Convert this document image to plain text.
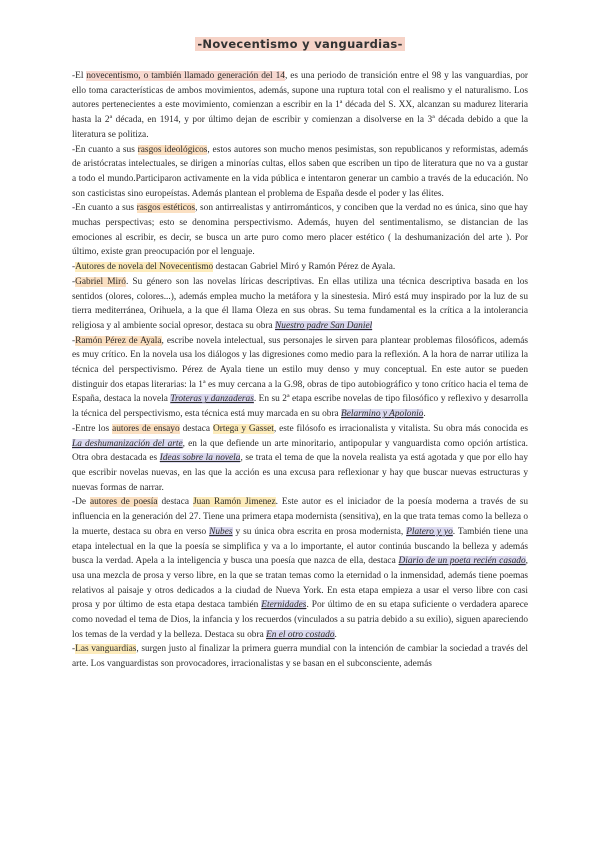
-Novecentismo y vanguardias-

-El novecentismo, o también llamado generación del 14, es una periodo de transición entre el 98 y las vanguardias, por ello toma características de ambos movimientos, además, supone una ruptura total con el realismo y el naturalismo. Los autores pertenecientes a este movimiento, comienzan a escribir en la 1ª década del S. XX, alcanzan su madurez literaria hasta la 2ª década, en 1914, y por último dejan de escribir y comienzan a disolverse en la 3ª década debido a que la literatura se politiza.

-En cuanto a sus rasgos ideológicos, estos autores son mucho menos pesimistas, son republicanos y reformistas, además de aristócratas intelectuales, se dirigen a minorías cultas, ellos saben que escriben un tipo de literatura que no va a gustar a todo el mundo.Participaron activamente en la vida pública e intentaron generar un cambio a través de la educación. No son casticistas sino europeístas. Además plantean el problema de España desde el poder y las élites.

-En cuanto a sus rasgos estéticos, son antirrealistas y antirrománticos, y conciben que la verdad no es única, sino que hay muchas perspectivas; esto se denomina perspectivismo. Además, huyen del sentimentalismo, se distancian de las emociones al escribir, es decir, se busca un arte puro como mero placer estético ( la deshumanización del arte ). Por último, existe gran preocupación por el lenguaje.

-Autores de novela del Novecentismo destacan Gabriel Miró y Ramón Pérez de Ayala.

-Gabriel Miró. Su género son las novelas líricas descriptivas. En ellas utiliza una técnica descriptiva basada en los sentidos (olores, colores...), además emplea mucho la metáfora y la sinestesia. Miró está muy inspirado por la luz de su tierra mediterránea, Orihuela, a la que él llama Oleza en sus obras. Su tema fundamental es la crítica a la intolerancia religiosa y al ambiente social opresor, destaca su obra Nuestro padre San Daniel

-Ramón Pérez de Ayala, escribe novela intelectual, sus personajes le sirven para plantear problemas filosóficos, además es muy crítico. En la novela usa los diálogos y las digresiones como medio para la reflexión. A la hora de narrar utiliza la técnica del perspectivismo. Pérez de Ayala tiene un estilo muy denso y muy conceptual. En este autor se pueden distinguir dos etapas literarias: la 1ª es muy cercana a la G.98, obras de tipo autobiográfico y tono crítico hacia el tema de España, destaca la novela Troteras y danzaderas. En su 2ª etapa escribe novelas de tipo filosófico y reflexivo y desarrolla la técnica del perspectivismo, esta técnica está muy marcada en su obra Belarmino y Apolonio.

-Entre los autores de ensayo destaca Ortega y Gasset, este filósofo es irracionalista y vitalista. Su obra más conocida es La deshumanización del arte, en la que defiende un arte minoritario, antipopular y vanguardista como opción artística. Otra obra destacada es Ideas sobre la novela, se trata el tema de que la novela realista ya está agotada y que por ello hay que escribir novelas nuevas, en las que la acción es una excusa para reflexionar y hay que buscar nuevas estructuras y nuevas formas de narrar.

-De autores de poesía destaca Juan Ramón Jimenez. Este autor es el iniciador de la poesía moderna a través de su influencia en la generación del 27. Tiene una primera etapa modernista (sensitiva), en la que trata temas como la belleza o la muerte, destaca su obra en verso Nubes y su única obra escrita en prosa modernista, Platero y yo. También tiene una etapa intelectual en la que la poesía se simplifica y va a lo importante, el autor continúa buscando la belleza y además busca la verdad. Apela a la inteligencia y busca una poesía que nazca de ella, destaca Diario de un poeta recién casado, usa una mezcla de prosa y verso libre, en la que se tratan temas como la eternidad o la inmensidad, además tiene poemas relativos al paisaje y otros dedicados a la ciudad de Nueva York. En esta etapa empieza a usar el verso libre con casi prosa y por último de esta etapa destaca también Eternidades. Por último de en su etapa suficiente o verdadera aparece como novedad el tema de Dios, la infancia y los recuerdos (vinculados a su patria debido a su exilio), siguen apareciendo los temas de la verdad y la belleza. Destaca su obra En el otro costado.

-Las vanguardias, surgen justo al finalizar la primera guerra mundial con la intención de cambiar la sociedad a través del arte. Los vanguardistas son provocadores, irracionalistas y se basan en el subconsciente, además
